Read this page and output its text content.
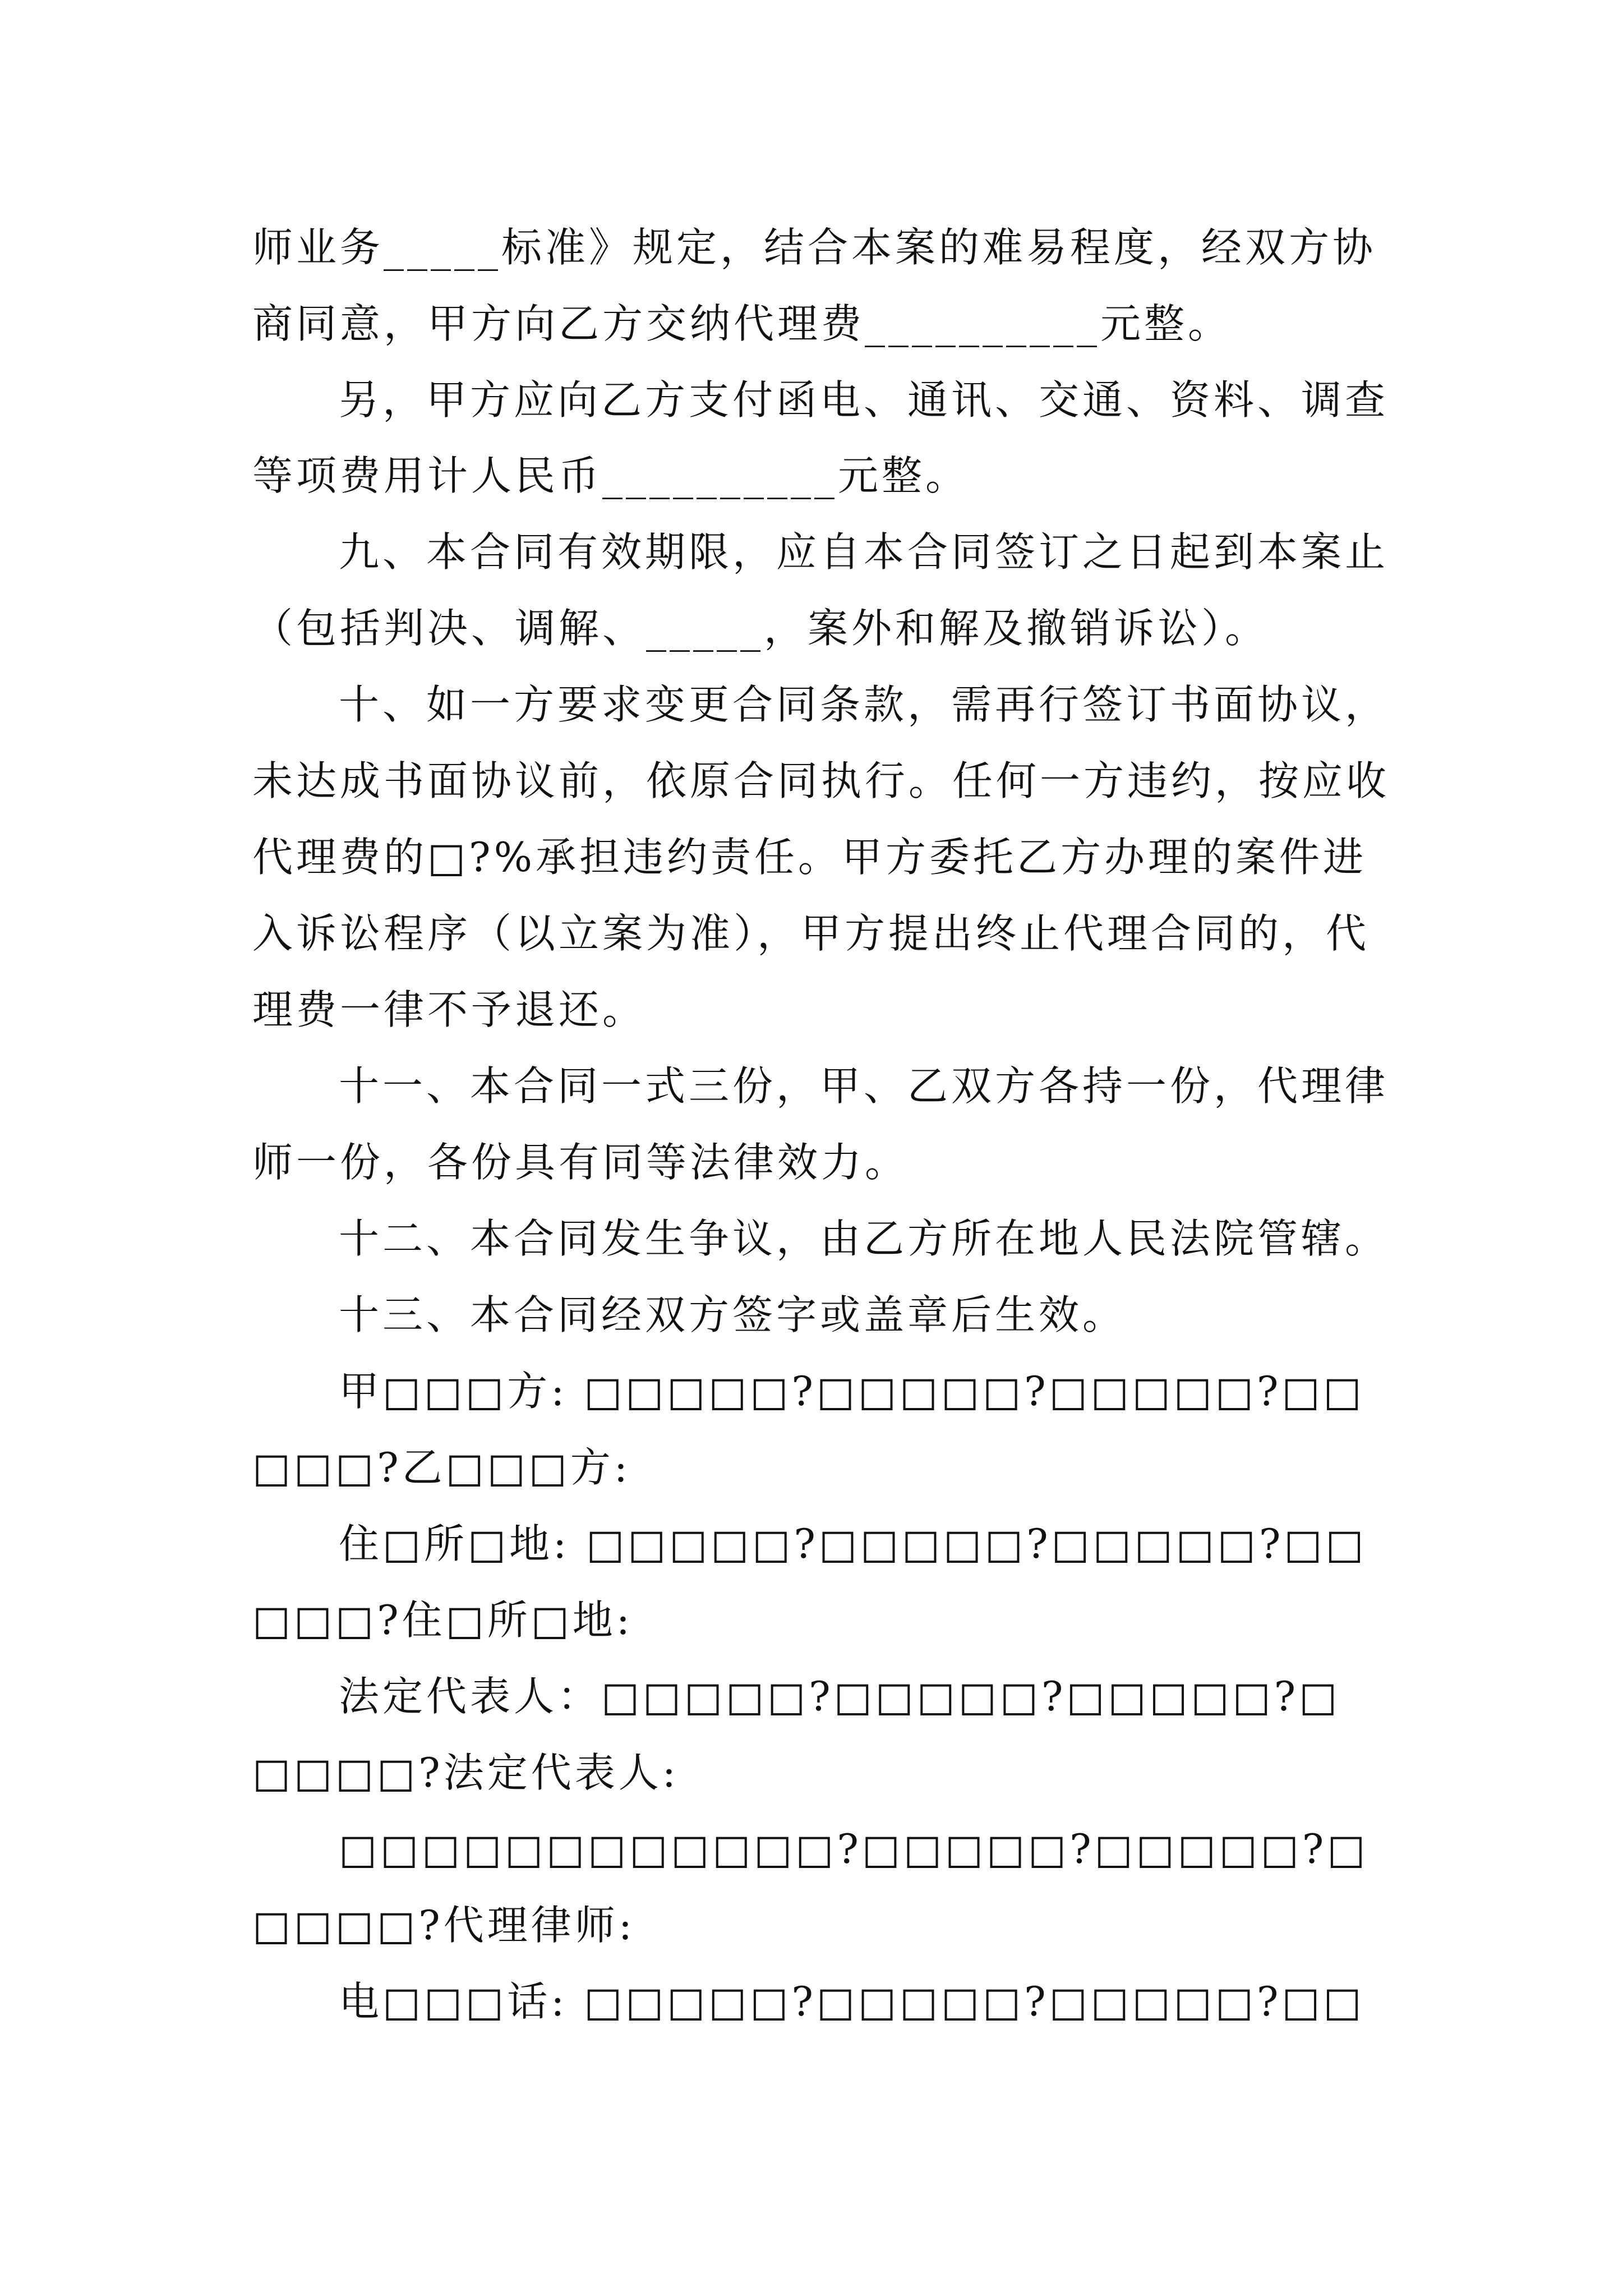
师业务_____标准》规定，结合本案的难易程度，经双方协
商同意，甲方向乙方交纳代理费__________元整。
另，甲方应向乙方支付函电、通讯、交通、资料、调查
等项费用计人民币__________元整。
九、本合同有效期限，应自本合同签订之日起到本案止
（包括判决、调解、_____，案外和解及撤销诉讼）。
十、如一方要求变更合同条款，需再行签订书面协议，
未达成书面协议前，依原合同执行。任何一方违约，按应收
代理费的□?%承担违约责任。甲方委托乙方办理的案件进
入诉讼程序（以立案为准），甲方提出终止代理合同的，代
理费一律不予退还。
十一、本合同一式三份，甲、乙双方各持一份，代理律
师一份，各份具有同等法律效力。
十二、本合同发生争议，由乙方所在地人民法院管辖。
十三、本合同经双方签字或盖章后生效。
甲□□□方: □□□□□?□□□□□?□□□□□?□□
□□□?乙□□□方:
住□所□地: □□□□□?□□□□□?□□□□□?□□
□□□?住□所□地:
法定代表人：□□□□□?□□□□□?□□□□□?□
□□□□?法定代表人:
□□□□□□□□□□□□?□□□□□?□□□□□?□
□□□□?代理律师:
电□□□话: □□□□□?□□□□□?□□□□□?□□
